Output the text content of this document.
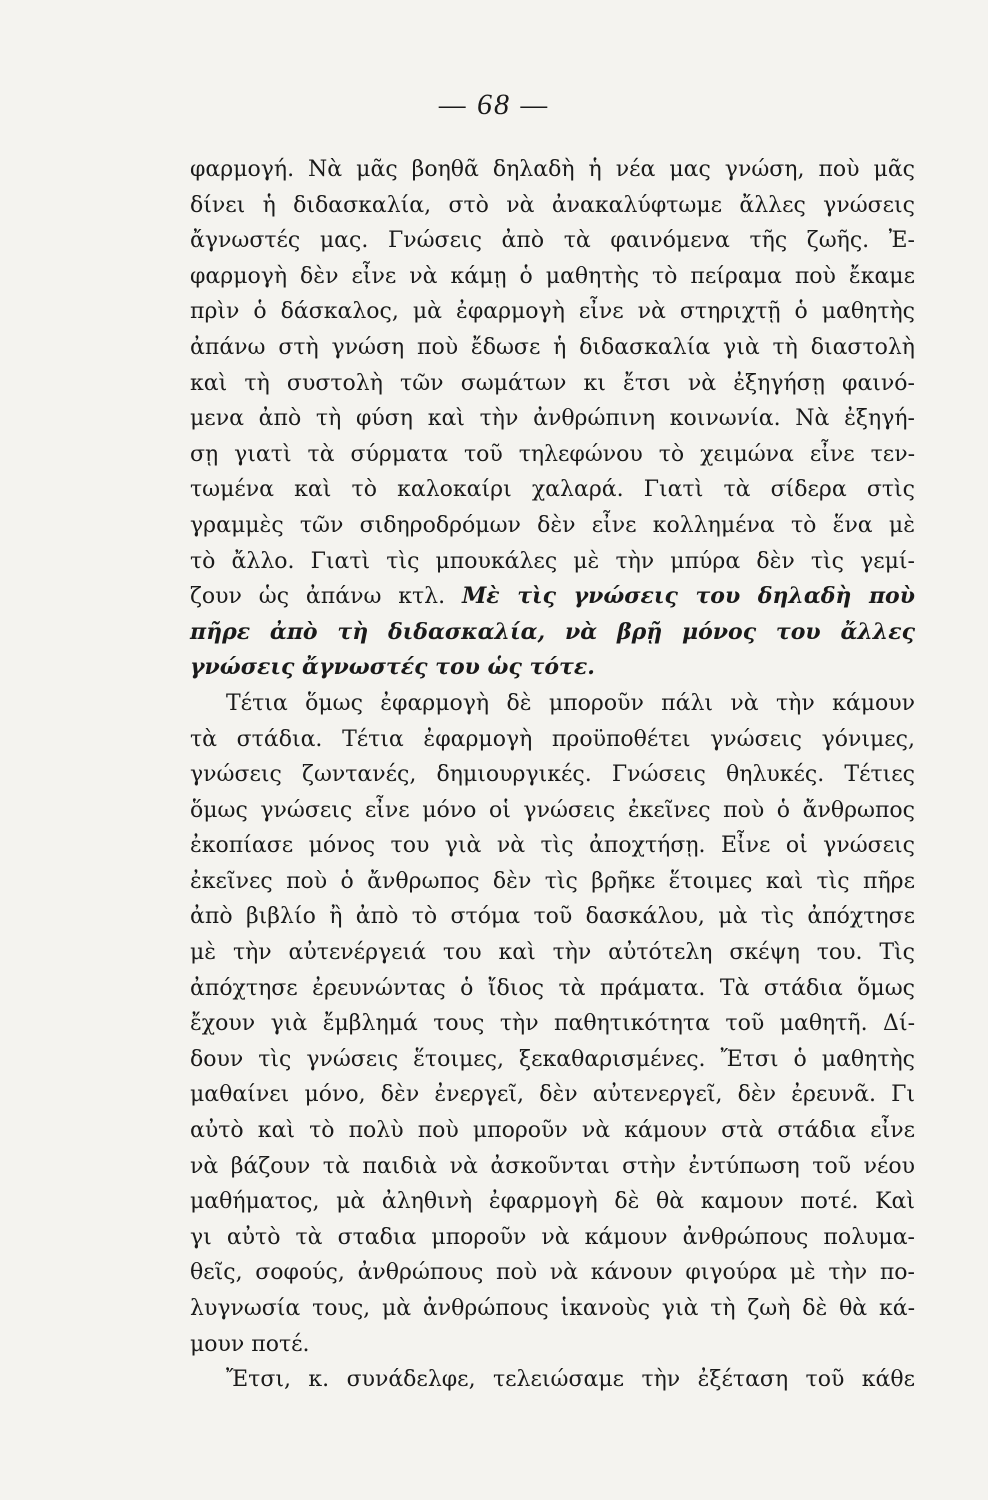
— 68 —
φαρμογή. Νὰ μᾶς βοηθᾶ δηλαδὴ ἡ νέα μας γνώση, ποὺ μᾶς
δίνει ἡ διδασκαλία, στὸ νὰ ἀνακαλύφτωμε ἄλλες γνώσεις
ἄγνωστές μας. Γνώσεις ἀπὸ τὰ φαινόμενα τῆς ζωῆς. Ἐ-
φαρμογὴ δὲν εἶνε νὰ κάμῃ ὁ μαθητὴς τὸ πείραμα ποὺ ἔκαμε
πρὶν ὁ δάσκαλος, μὰ ἐφαρμογὴ εἶνε νὰ στηριχτῇ ὁ μαθητὴς
ἀπάνω στὴ γνώση ποὺ ἔδωσε ἡ διδασκαλία γιὰ τὴ διαστολὴ
καὶ τὴ συστολὴ τῶν σωμάτων κι ἔτσι νὰ ἐξηγήσῃ φαινό-
μενα ἀπὸ τὴ φύση καὶ τὴν ἀνθρώπινη κοινωνία. Νὰ ἐξηγή-
σῃ γιατὶ τὰ σύρματα τοῦ τηλεφώνου τὸ χειμώνα εἶνε τεν-
τωμένα καὶ τὸ καλοκαίρι χαλαρά. Γιατὶ τὰ σίδερα στὶς
γραμμὲς τῶν σιδηροδρόμων δὲν εἶνε κολλημένα τὸ ἕνα μὲ
τὸ ἄλλο. Γιατὶ τὶς μπουκάλες μὲ τὴν μπύρα δὲν τὶς γεμί-
ζουν ὡς ἀπάνω κτλ. Μὲ τὶς γνώσεις του δηλαδὴ ποὺ
πῆρε ἀπὸ τὴ διδασκαλία, νὰ βρῇ μόνος του ἄλλες
γνώσεις ἄγνωστές του ὡς τότε.
Τέτια ὅμως ἐφαρμογὴ δὲ μποροῦν πάλι νὰ τὴν κάμουν
τὰ στάδια. Τέτια ἐφαρμογὴ προϋποθέτει γνώσεις γόνιμες,
γνώσεις ζωντανές, δημιουργικές. Γνώσεις θηλυκές. Τέτιες
ὅμως γνώσεις εἶνε μόνο οἱ γνώσεις ἐκεῖνες ποὺ ὁ ἄνθρωπος
ἐκοπίασε μόνος του γιὰ νὰ τὶς ἀποχτήσῃ. Εἶνε οἱ γνώσεις
ἐκεῖνες ποὺ ὁ ἄνθρωπος δὲν τὶς βρῆκε ἕτοιμες καὶ τὶς πῆρε
ἀπὸ βιβλίο ἢ ἀπὸ τὸ στόμα τοῦ δασκάλου, μὰ τὶς ἀπόχτησε
μὲ τὴν αὐτενέργειά του καὶ τὴν αὐτότελη σκέψη του. Τὶς
ἀπόχτησε ἐρευνώντας ὁ ἴδιος τὰ πράματα. Τὰ στάδια ὅμως
ἔχουν γιὰ ἔμβλημά τους τὴν παθητικότητα τοῦ μαθητῆ. Δί-
δουν τὶς γνώσεις ἕτοιμες, ξεκαθαρισμένες. Ἔτσι ὁ μαθητὴς
μαθαίνει μόνο, δὲν ἐνεργεῖ, δὲν αὐτενεργεῖ, δὲν ἐρευνᾶ. Γι
αὐτὸ καὶ τὸ πολὺ ποὺ μποροῦν νὰ κάμουν στὰ στάδια εἶνε
νὰ βάζουν τὰ παιδιὰ νὰ ἀσκοῦνται στὴν ἐντύπωση τοῦ νέου
μαθήματος, μὰ ἀληθινὴ ἐφαρμογὴ δὲ θὰ καμουν ποτέ. Καὶ
γι αὐτὸ τὰ σταδια μποροῦν νὰ κάμουν ἀνθρώπους πολυμα-
θεῖς, σοφούς, ἀνθρώπους ποὺ νὰ κάνουν φιγούρα μὲ τὴν πο-
λυγνωσία τους, μὰ ἀνθρώπους ἱκανοὺς γιὰ τὴ ζωὴ δὲ θὰ κά-
μουν ποτέ.
Ἔτσι, κ. συνάδελφε, τελειώσαμε τὴν ἐξέταση τοῦ κάθε
